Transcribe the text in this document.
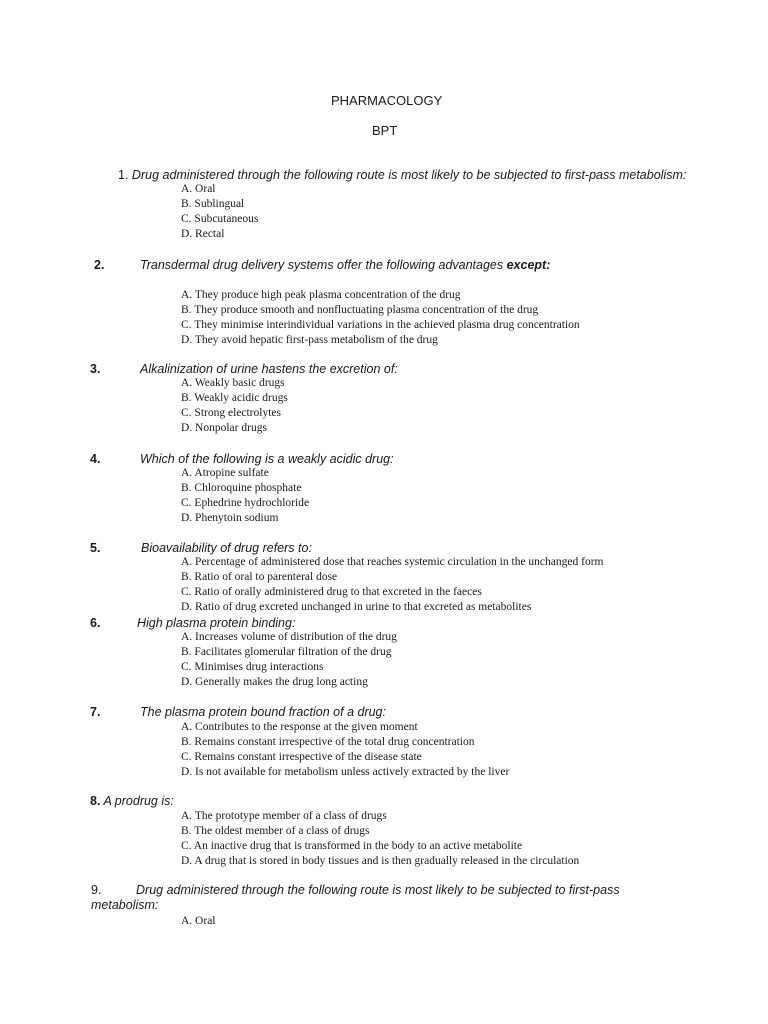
PHARMACOLOGY
BPT
1. Drug administered through the following route is most likely to be subjected to first-pass metabolism:
A. Oral
B. Sublingual
C. Subcutaneous
D. Rectal
2.	Transdermal drug delivery systems offer the following advantages except:
A. They produce high peak plasma concentration of the drug
B. They produce smooth and nonfluctuating plasma concentration of the drug
C. They minimise interindividual variations in the achieved plasma drug concentration
D. They avoid hepatic first-pass metabolism of the drug
3.	Alkalinization of urine hastens the excretion of:
A. Weakly basic drugs
B. Weakly acidic drugs
C. Strong electrolytes
D. Nonpolar drugs
4.	Which of the following is a weakly acidic drug:
A. Atropine sulfate
B. Chloroquine phosphate
C. Ephedrine hydrochloride
D. Phenytoin sodium
5.	Bioavailability of drug refers to:
A. Percentage of administered dose that reaches systemic circulation in the unchanged form
B. Ratio of oral to parenteral dose
C. Ratio of orally administered drug to that excreted in the faeces
D. Ratio of drug excreted unchanged in urine to that excreted as metabolites
6.	High plasma protein binding:
A. Increases volume of distribution of the drug
B. Facilitates glomerular filtration of the drug
C. Minimises drug interactions
D. Generally makes the drug long acting
7.	The plasma protein bound fraction of a drug:
A. Contributes to the response at the given moment
B. Remains constant irrespective of the total drug concentration
C. Remains constant irrespective of the disease state
D. Is not available for metabolism unless actively extracted by the liver
8. A prodrug is:
A. The prototype member of a class of drugs
B. The oldest member of a class of drugs
C. An inactive drug that is transformed in the body to an active metabolite
D. A drug that is stored in body tissues and is then gradually released in the circulation
9.	Drug administered through the following route is most likely to be subjected to first-pass
metabolism:
A. Oral
